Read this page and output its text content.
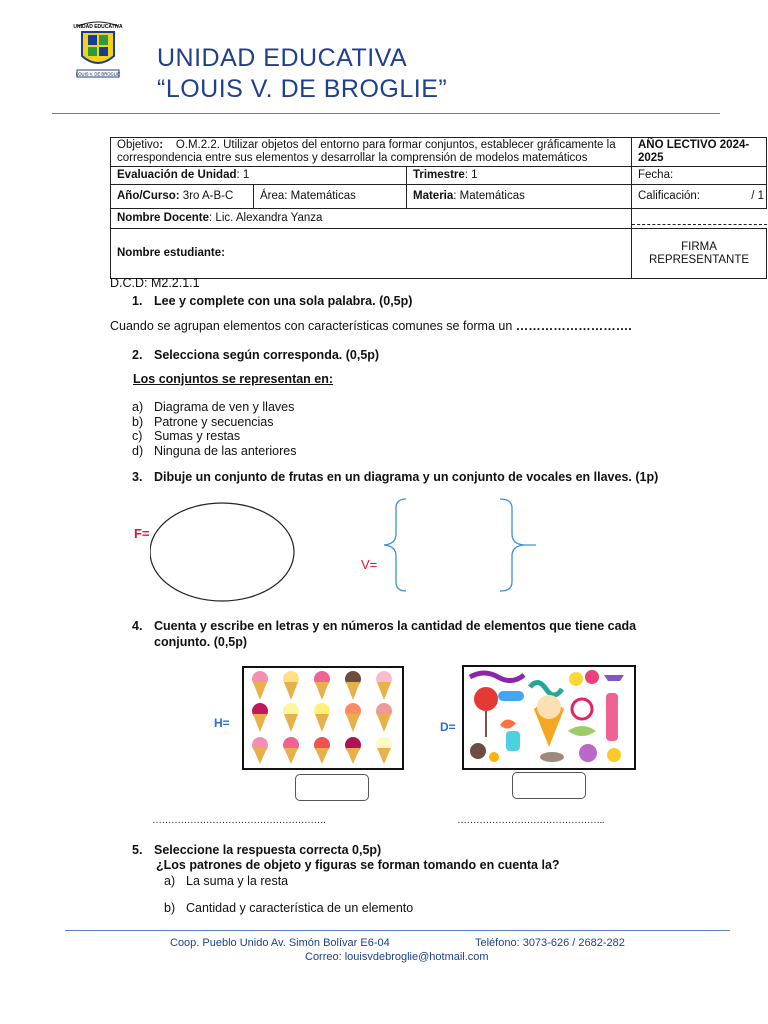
UNIDAD EDUCATIVA
LOUIS V. DE BROGLIE
UNIDAD EDUCATIVA
“LOUIS V. DE BROGLIE”
Objetivo: O.M.2.2. Utilizar objetos del entorno para formar conjuntos, establecer gráficamente la correspondencia entre sus elementos y desarrollar la comprensión de modelos matemáticos			AÑO LECTIVO 2024-2025
Evaluación de Unidad: 1		Trimestre: 1	Fecha:
Año/Curso: 3ro A-B-C	Área: Matemáticas	Materia: Matemáticas	Calificación: / 1

Nombre Docente: Lic. Alexandra Yanza			

Nombre estudiante:			FIRMA
REPRESENTANTE
D.C.D: M2.2.1.1
1. Lee y complete con una sola palabra. (0,5p)
Cuando se agrupan elementos con características comunes se forma un ……………………….
2. Selecciona según corresponda. (0,5p)
Los conjuntos se representan en:
a) Diagrama de ven y llaves
b) Patrone y secuencias
c) Sumas y restas
d) Ninguna de las anteriores
3. Dibuje un conjunto de frutas en un diagrama y un conjunto de vocales en llaves. (1p)
F=
V=
4. Cuenta y escribe en letras y en números la cantidad de elementos que tiene cada
conjunto. (0,5p)
H=	D=
……………………………………………….	………………………………………..
5. Seleccione la respuesta correcta 0,5p)
¿Los patrones de objeto y figuras se forman tomando en cuenta la?
a) La suma y la resta
b) Cantidad y característica de un elemento
Coop. Pueblo Unido Av. Simón Bolívar E6-04	Teléfono: 3073-626 / 2682-282
Correo: louisvdebroglie@hotmail.com
